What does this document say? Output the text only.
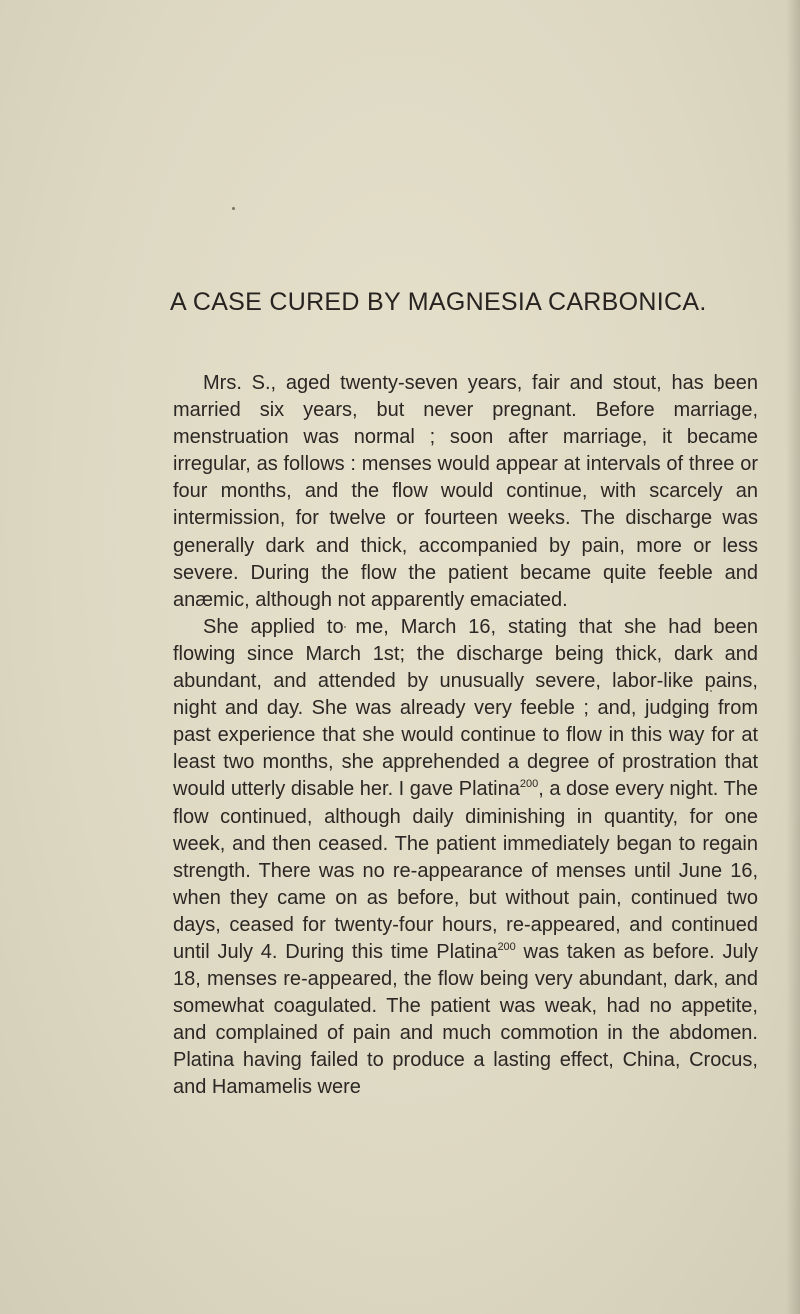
A CASE CURED BY MAGNESIA CARBONICA.

Mrs. S., aged twenty-seven years, fair and stout, has been married six years, but never pregnant. Before marriage, menstruation was normal ; soon after marriage, it became irregular, as follows : menses would appear at intervals of three or four months, and the flow would continue, with scarcely an intermission, for twelve or fourteen weeks. The discharge was generally dark and thick, accompanied by pain, more or less severe. During the flow the patient became quite feeble and anæmic, although not apparently emaciated.

She applied to me, March 16, stating that she had been flowing since March 1st; the discharge being thick, dark and abundant, and attended by unusually severe, labor-like pains, night and day. She was already very feeble ; and, judging from past experience that she would continue to flow in this way for at least two months, she apprehended a degree of prostration that would utterly disable her. I gave Platina$^{200}$, a dose every night. The flow continued, although daily diminishing in quantity, for one week, and then ceased. The patient immediately began to regain strength. There was no re-appearance of menses until June 16, when they came on as before, but without pain, continued two days, ceased for twenty-four hours, re-appeared, and continued until July 4. During this time Platina$^{200}$ was taken as before. July 18, menses re-appeared, the flow being very abundant, dark, and somewhat coagulated. The patient was weak, had no appetite, and complained of pain and much commotion in the abdomen. Platina having failed to produce a lasting effect, China, Crocus, and Hamamelis were
